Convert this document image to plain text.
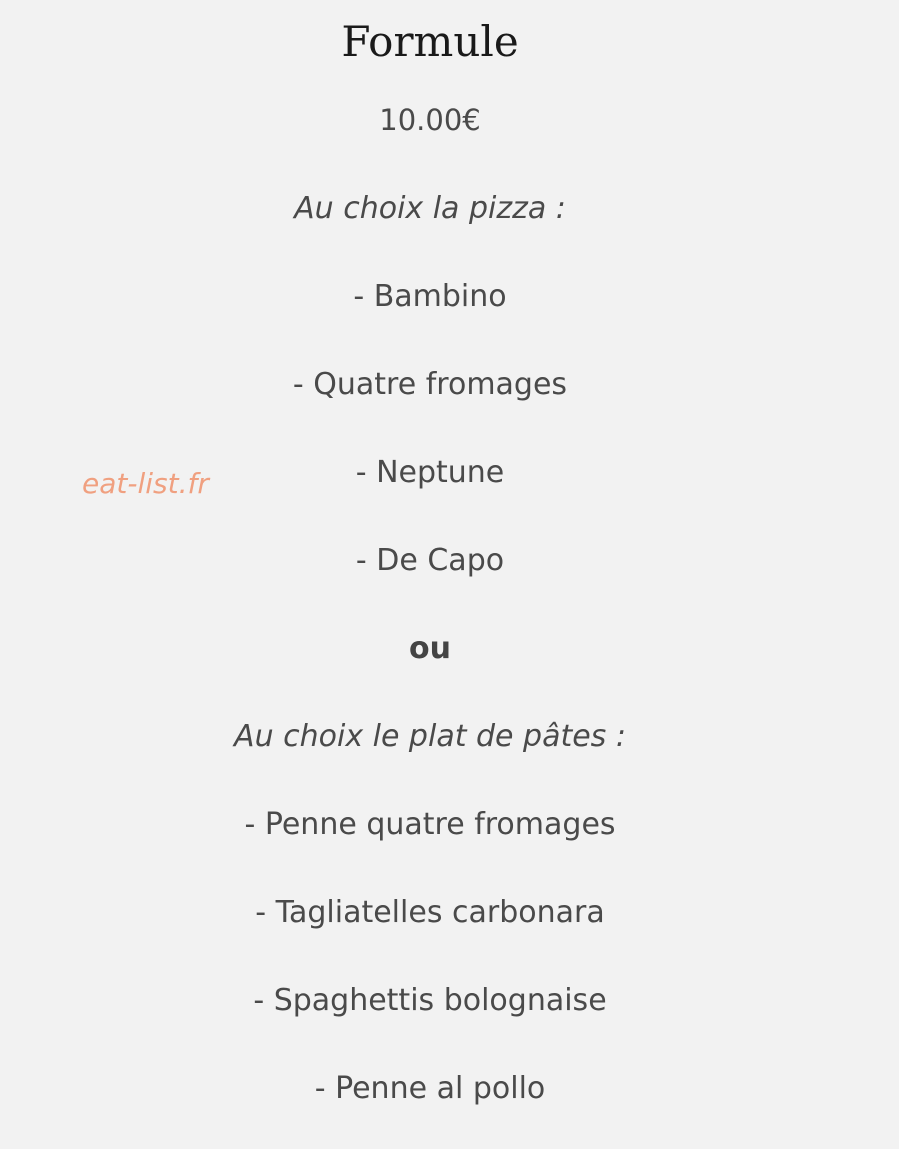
Formule
10.00€
Au choix la pizza :
- Bambino
- Quatre fromages
- Neptune
- De Capo
ou
Au choix le plat de pâtes :
- Penne quatre fromages
- Tagliatelles carbonara
- Spaghettis bolognaise
- Penne al pollo
eat-list.fr
